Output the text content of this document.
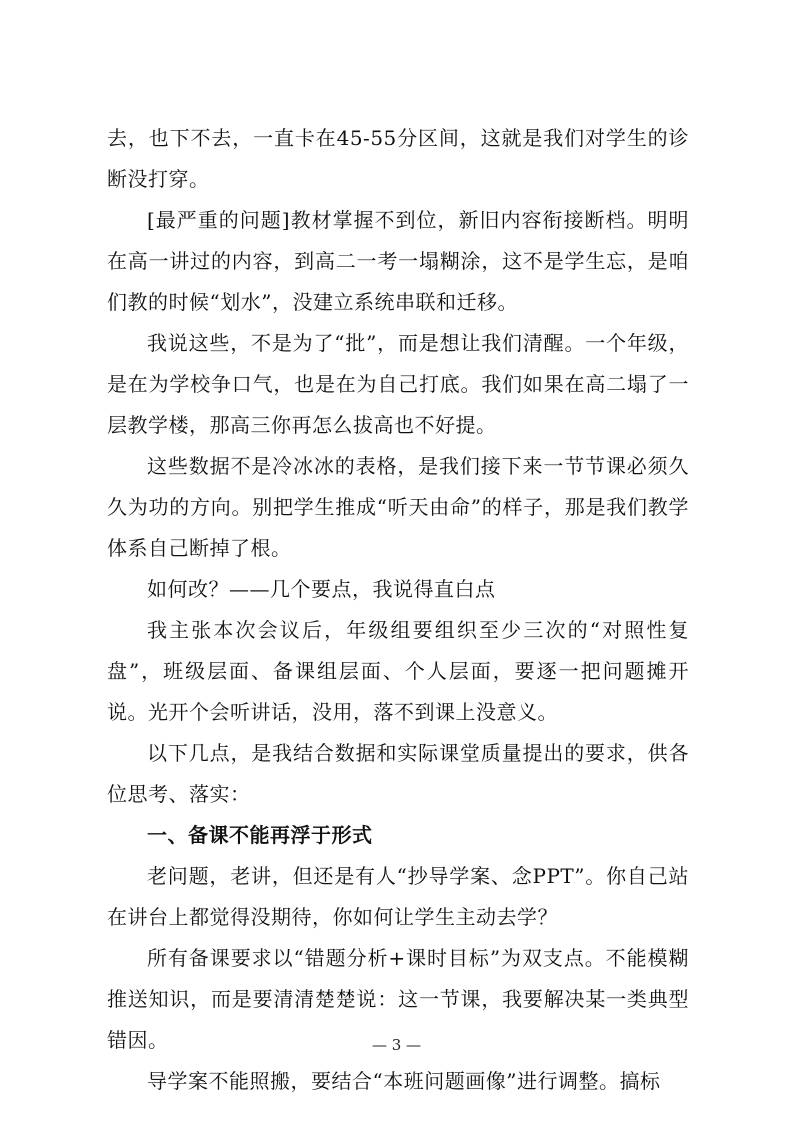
去，也下不去，一直卡在45-55分区间，这就是我们对学生的诊断没打穿。

[最严重的问题]教材掌握不到位，新旧内容衔接断档。明明在高一讲过的内容，到高二一考一塌糊涂，这不是学生忘，是咱们教的时候“划水”，没建立系统串联和迁移。

我说这些，不是为了“批”，而是想让我们清醒。一个年级，是在为学校争口气，也是在为自己打底。我们如果在高二塌了一层教学楼，那高三你再怎么拔高也不好提。

这些数据不是冷冰冰的表格，是我们接下来一节节课必须久久为功的方向。别把学生推成“听天由命”的样子，那是我们教学体系自己断掉了根。

如何改？——几个要点，我说得直白点

我主张本次会议后，年级组要组织至少三次的“对照性复盘”，班级层面、备课组层面、个人层面，要逐一把问题摊开说。光开个会听讲话，没用，落不到课上没意义。

以下几点，是我结合数据和实际课堂质量提出的要求，供各位思考、落实：

一、备课不能再浮于形式

老问题，老讲，但还是有人“抄导学案、念PPT”。你自己站在讲台上都觉得没期待，你如何让学生主动去学？

所有备课要求以“错题分析+课时目标”为双支点。不能模糊推送知识，而是要清清楚楚说：这一节课，我要解决某一类典型错因。

导学案不能照搬，要结合“本班问题画像”进行调整。搞标

— 3 —
